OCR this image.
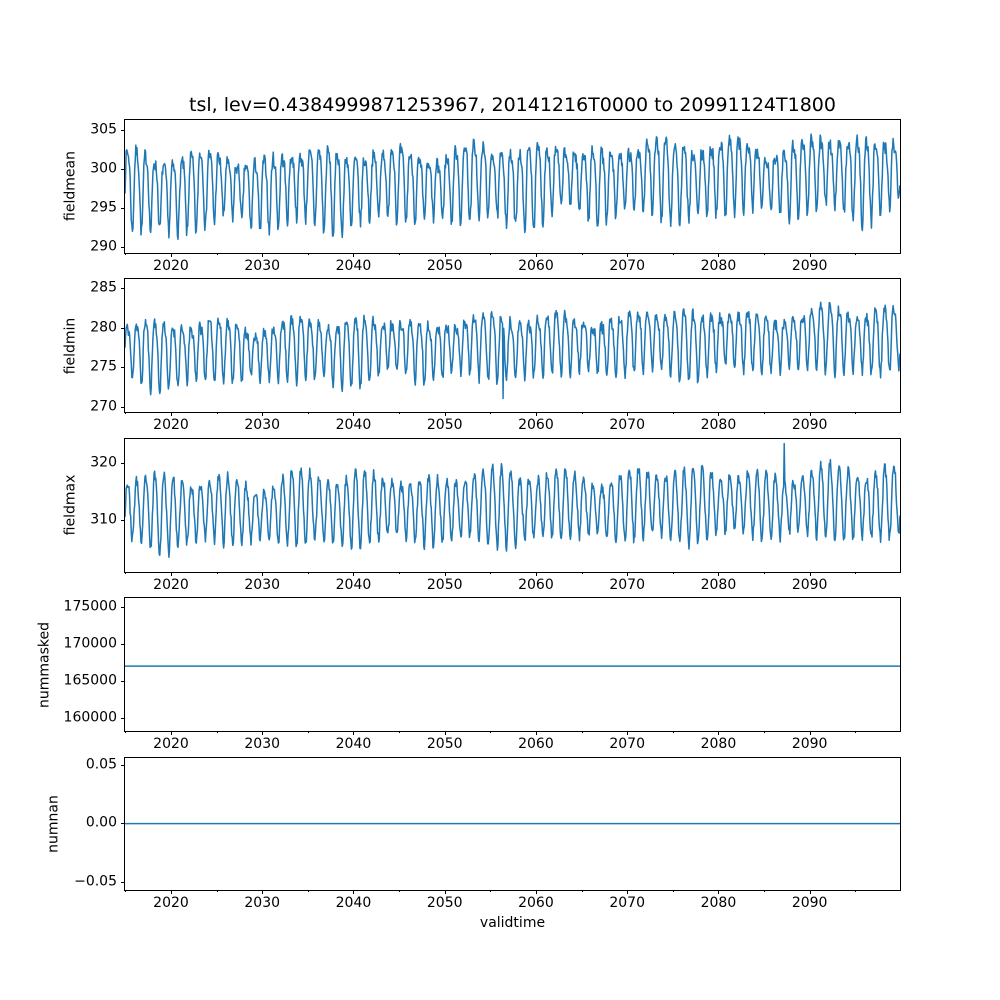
tsl, lev=0.4384999871253967, 20141216T0000 to 20991124T1800
2020	2030	2040	2050	2060	2070	2080	2090
290
295
300
305
fieldmean
2020	2030	2040	2050	2060	2070	2080	2090
270
275
280
285
fieldmin
2020	2030	2040	2050	2060	2070	2080	2090
310
320
fieldmax
2020	2030	2040	2050	2060	2070	2080	2090
160000
165000
170000
175000
nummasked
2020	2030	2040	2050	2060	2070	2080	2090
−0.05
0.00
0.05
numnan
validtime
